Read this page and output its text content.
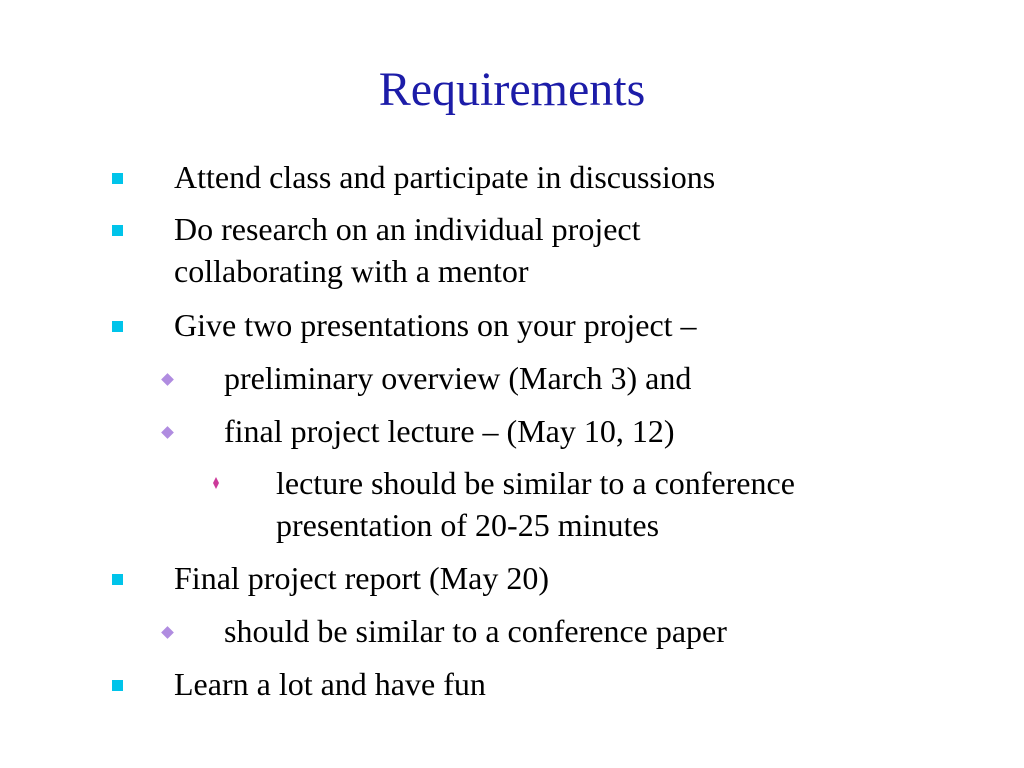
Requirements

Attend class and participate in discussions

Do research on an individual project

collaborating with a mentor

Give two presentations on your project –

preliminary overview (March 3) and

final project lecture – (May 10, 12)

lecture should be similar to a conference

presentation of 20-25 minutes

Final project report (May 20)

should be similar to a conference paper

Learn a lot and have fun
